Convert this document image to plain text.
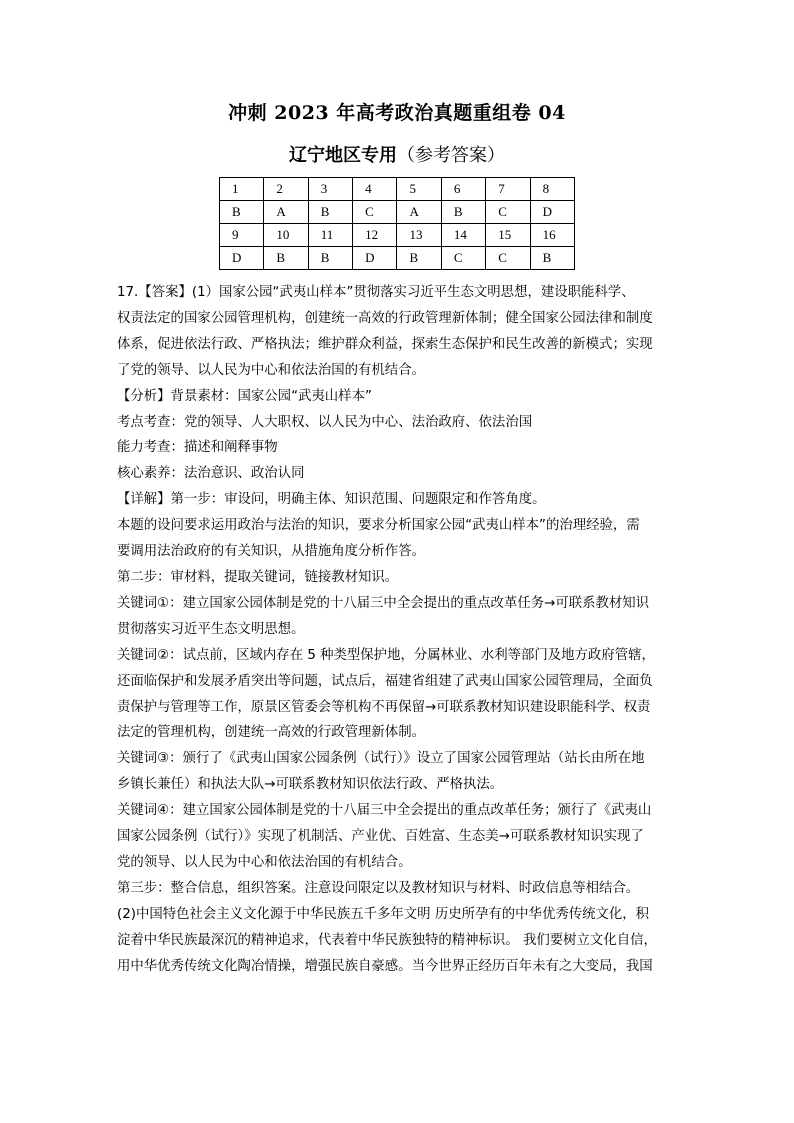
冲刺 2023 年高考政治真题重组卷 04
辽宁地区专用（参考答案）
1	2	3	4	5	6	7	8
B	A	B	C	A	B	C	D
9	10	11	12	13	14	15	16
D	B	B	D	B	C	C	B

17.【答案】(1）国家公园“武夷山样本”贯彻落实习近平生态文明思想，建设职能科学、

权责法定的国家公园管理机构，创建统一高效的行政管理新体制；健全国家公园法律和制度

体系，促进依法行政、严格执法；维护群众利益，探索生态保护和民生改善的新模式；实现

了党的领导、以人民为中心和依法治国的有机结合。

【分析】背景素材：国家公园“武夷山样本”

考点考查：党的领导、人大职权、以人民为中心、法治政府、依法治国

能力考查：描述和阐释事物

核心素养：法治意识、政治认同

【详解】第一步：审设问，明确主体、知识范围、问题限定和作答角度。

本题的设问要求运用政治与法治的知识，要求分析国家公园“武夷山样本”的治理经验，需

要调用法治政府的有关知识，从措施角度分析作答。

第二步：审材料，提取关键词，链接教材知识。

关键词①：建立国家公园体制是党的十八届三中全会提出的重点改革任务→可联系教材知识

贯彻落实习近平生态文明思想。

关键词②：试点前，区域内存在 5 种类型保护地，分属林业、水利等部门及地方政府管辖，

还面临保护和发展矛盾突出等问题，试点后，福建省组建了武夷山国家公园管理局，全面负

责保护与管理等工作，原景区管委会等机构不再保留→可联系教材知识建设职能科学、权责

法定的管理机构，创建统一高效的行政管理新体制。

关键词③：颁行了《武夷山国家公园条例（试行）》设立了国家公园管理站（站长由所在地

乡镇长兼任）和执法大队→可联系教材知识依法行政、严格执法。

关键词④：建立国家公园体制是党的十八届三中全会提出的重点改革任务；颁行了《武夷山

国家公园条例（试行）》实现了机制活、产业优、百姓富、生态美→可联系教材知识实现了

党的领导、以人民为中心和依法治国的有机结合。

第三步：整合信息，组织答案。注意设问限定以及教材知识与材料、时政信息等相结合。

(2)中国特色社会主义文化源于中华民族五千多年文明 历史所孕有的中华优秀传统文化，积

淀着中华民族最深沉的精神追求，代表着中华民族独特的精神标识。 我们要树立文化自信，

用中华优秀传统文化陶冶情操，增强民族自豪感。当今世界正经历百年未有之大变局，我国
